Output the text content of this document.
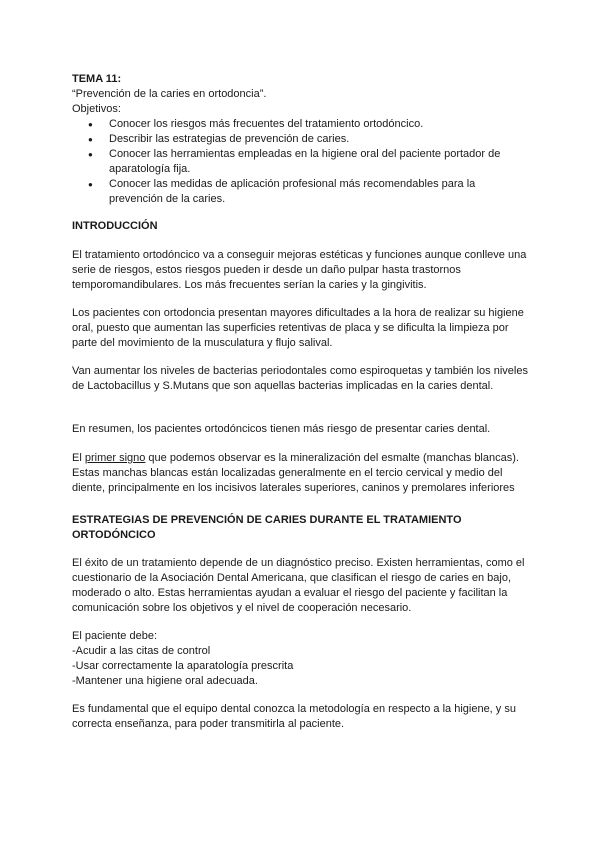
TEMA 11:

“Prevención de la caries en ortodoncia”.

Objetivos:

● Conocer los riesgos más frecuentes del tratamiento ortodóncico.
● Describir las estrategias de prevención de caries.
● Conocer las herramientas empleadas en la higiene oral del paciente portador de aparatología fija.
● Conocer las medidas de aplicación profesional más recomendables para la prevención de la caries.

INTRODUCCIÓN

El tratamiento ortodóncico va a conseguir mejoras estéticas y funciones aunque conlleve una serie de riesgos, estos riesgos pueden ir desde un daño pulpar hasta trastornos temporomandibulares. Los más frecuentes serían la caries y la gingivitis.

Los pacientes con ortodoncia presentan mayores dificultades a la hora de realizar su higiene oral, puesto que aumentan las superficies retentivas de placa y se dificulta la limpieza por parte del movimiento de la musculatura y flujo salival.

Van aumentar los niveles de bacterias periodontales como espiroquetas y también los niveles de Lactobacillus y S.Mutans que son aquellas bacterias implicadas en la caries dental.

En resumen, los pacientes ortodóncicos tienen más riesgo de presentar caries dental.

El primer signo que podemos observar es la mineralización del esmalte (manchas blancas). Estas manchas blancas están localizadas generalmente en el tercio cervical y medio del diente, principalmente en los incisivos laterales superiores, caninos y premolares inferiores

ESTRATEGIAS DE PREVENCIÓN DE CARIES DURANTE EL TRATAMIENTO ORTODÓNCICO

El éxito de un tratamiento depende de un diagnóstico preciso. Existen herramientas, como el cuestionario de la Asociación Dental Americana, que clasifican el riesgo de caries en bajo, moderado o alto. Estas herramientas ayudan a evaluar el riesgo del paciente y facilitan la comunicación sobre los objetivos y el nivel de cooperación necesario.

El paciente debe:
-Acudir a las citas de control
-Usar correctamente la aparatología prescrita
-Mantener una higiene oral adecuada.

Es fundamental que el equipo dental conozca la metodología en respecto a la higiene, y su correcta enseñanza, para poder transmitirla al paciente.
